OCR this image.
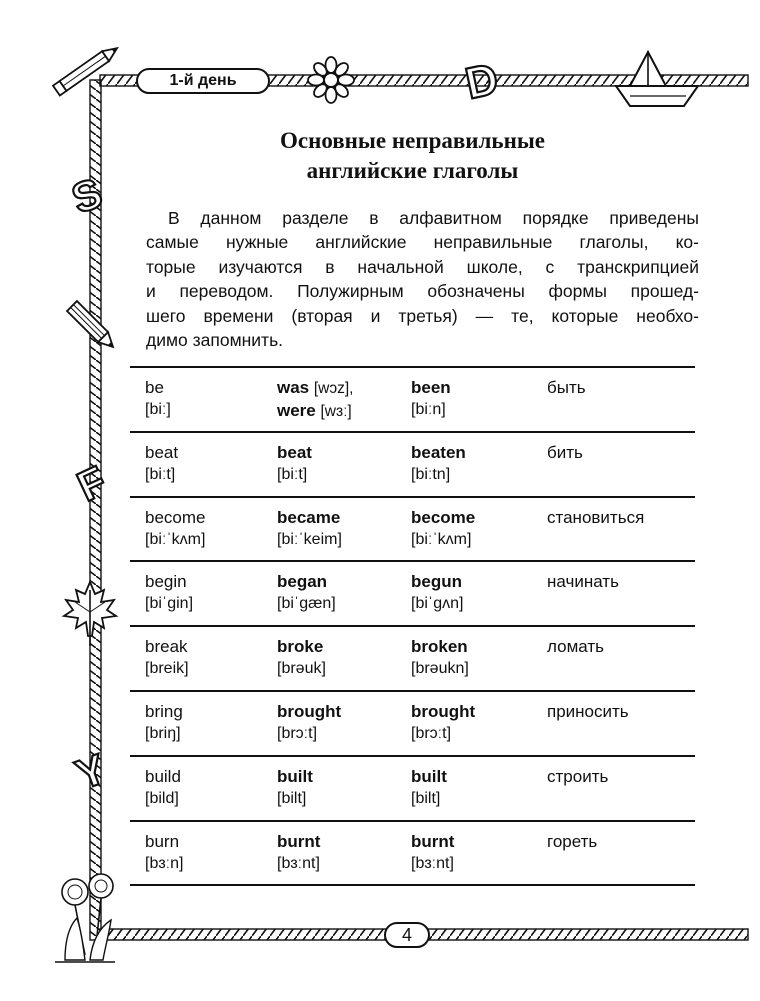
D
S
F
Y
1-й день
Основные неправильные
английские глаголы
В данном разделе в алфавитном порядке приведены
самые нужные английские неправильные глаголы, ко-
торые изучаются в начальной школе, с транскрипцией
и переводом. Полужирным обозначены формы прошед-
шего времени (вторая и третья) — те, которые необхо-
димо запомнить.
be
[biː]
was [wɔz],
were [wɜː]
been
[biːn]
быть
beat
[biːt]
beat
[biːt]
beaten
[biːtn]
бить
become
[biːˈkʌm]
became
[biːˈkeim]
become
[biːˈkʌm]
становиться
begin
[biˈgin]
began
[biˈgæn]
begun
[biˈgʌn]
начинать
break
[breik]
broke
[brəuk]
broken
[brəukn]
ломать
bring
[briŋ]
brought
[brɔːt]
brought
[brɔːt]
приносить
build
[bild]
built
[bilt]
built
[bilt]
строить
burn
[bɜːn]
burnt
[bɜːnt]
burnt
[bɜːnt]
гореть
4
